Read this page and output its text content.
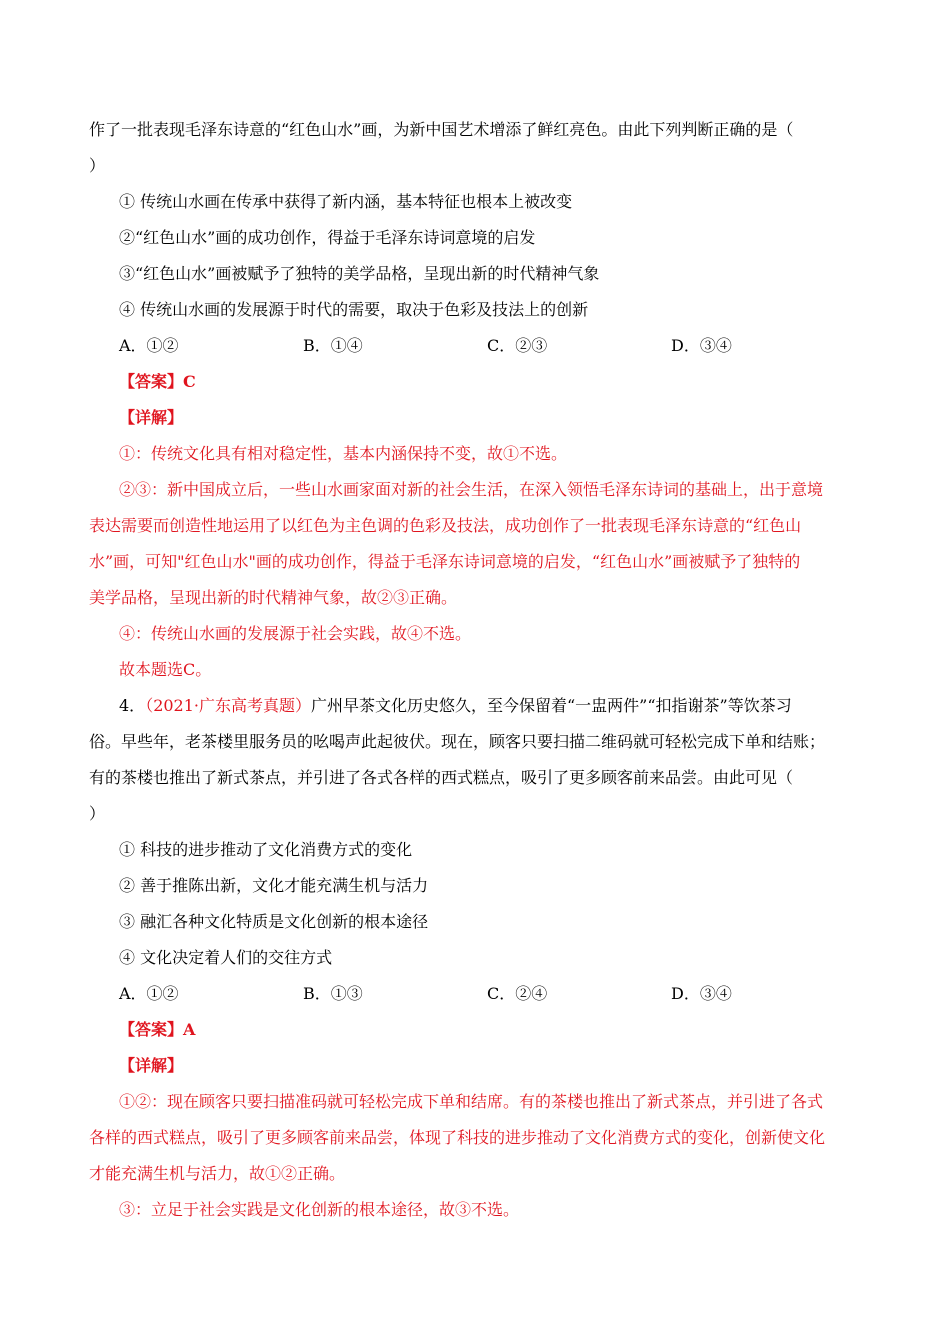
作了一批表现毛泽东诗意的“红色山水”画，为新中国艺术增添了鲜红亮色。由此下列判断正确的是（
）
① 传统山水画在传承中获得了新内涵，基本特征也根本上被改变
②“红色山水”画的成功创作，得益于毛泽东诗词意境的启发
③“红色山水”画被赋予了独特的美学品格，呈现出新的时代精神气象
④ 传统山水画的发展源于时代的需要，取决于色彩及技法上的创新
A．①②	B．①④	C．②③	D．③④
【答案】C
【详解】
①：传统文化具有相对稳定性，基本内涵保持不变，故①不选。
②③：新中国成立后，一些山水画家面对新的社会生活，在深入领悟毛泽东诗词的基础上，出于意境
表达需要而创造性地运用了以红色为主色调的色彩及技法，成功创作了一批表现毛泽东诗意的“红色山
水”画，可知"红色山水"画的成功创作，得益于毛泽东诗词意境的启发，“红色山水”画被赋予了独特的
美学品格，呈现出新的时代精神气象，故②③正确。
④：传统山水画的发展源于社会实践，故④不选。
故本题选C。
4．（2021·广东高考真题）广州早茶文化历史悠久，至今保留着“一盅两件”“扣指谢茶”等饮茶习
俗。早些年，老茶楼里服务员的吆喝声此起彼伏。现在，顾客只要扫描二维码就可轻松完成下单和结账；
有的茶楼也推出了新式茶点，并引进了各式各样的西式糕点，吸引了更多顾客前来品尝。由此可见（
）
① 科技的进步推动了文化消费方式的变化
② 善于推陈出新，文化才能充满生机与活力
③ 融汇各种文化特质是文化创新的根本途径
④ 文化决定着人们的交往方式
A．①②	B．①③	C．②④	D．③④
【答案】A
【详解】
①②：现在顾客只要扫描准码就可轻松完成下单和结席。有的茶楼也推出了新式茶点，并引进了各式
各样的西式糕点，吸引了更多顾客前来品尝，体现了科技的进步推动了文化消费方式的变化，创新使文化
才能充满生机与活力，故①②正确。
③：立足于社会实践是文化创新的根本途径，故③不选。
